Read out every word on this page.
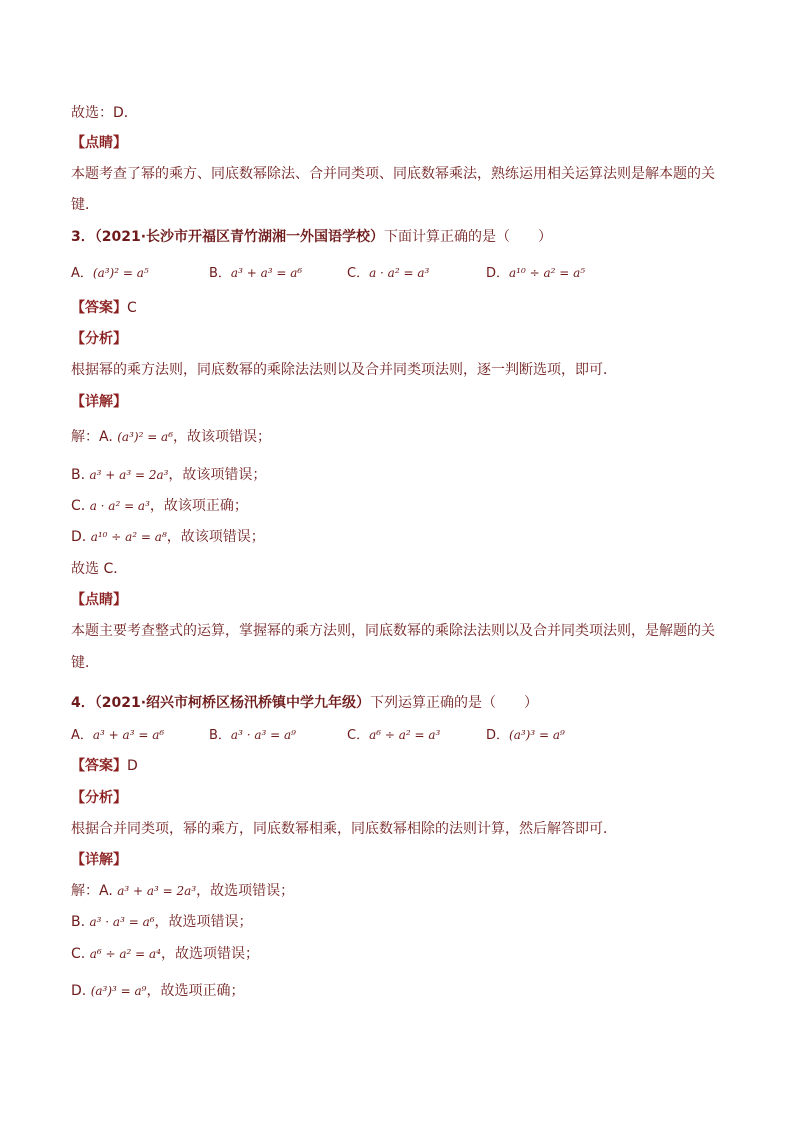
故选：D．
【点睛】
本题考查了幂的乘方、同底数幂除法、合并同类项、同底数幂乘法，熟练运用相关运算法则是解本题的关
键．
3．（2021·长沙市开福区青竹湖湘一外国语学校）下面计算正确的是（　　）
A．(a³)² = a⁵	B．a³ + a³ = a⁶	C．a · a² = a³	D．a¹⁰ ÷ a² = a⁵
【答案】C
【分析】
根据幂的乘方法则，同底数幂的乘除法法则以及合并同类项法则，逐一判断选项，即可．
【详解】
解：A. (a³)² = a⁶，故该项错误；
B. a³ + a³ = 2a³，故该项错误；
C. a · a² = a³，故该项正确；
D. a¹⁰ ÷ a² = a⁸，故该项错误；
故选 C．
【点睛】
本题主要考查整式的运算，掌握幂的乘方法则，同底数幂的乘除法法则以及合并同类项法则，是解题的关
键．
4．（2021·绍兴市柯桥区杨汛桥镇中学九年级）下列运算正确的是（　　）
A．a³ + a³ = a⁶	B．a³ · a³ = a⁹	C．a⁶ ÷ a² = a³	D．(a³)³ = a⁹
【答案】D
【分析】
根据合并同类项，幂的乘方，同底数幂相乘，同底数幂相除的法则计算，然后解答即可．
【详解】
解：A. a³ + a³ = 2a³，故选项错误；
B. a³ · a³ = a⁶，故选项错误；
C. a⁶ ÷ a² = a⁴，故选项错误；
D. (a³)³ = a⁹，故选项正确；
